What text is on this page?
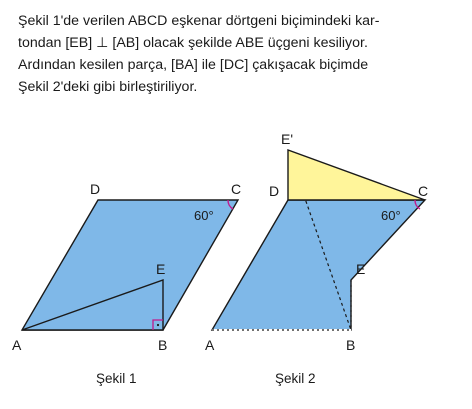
Şekil 1'de verilen ABCD eşkenar dörtgeni biçimindeki kar-
tondan [EB] ⊥ [AB] olacak şekilde ABE üçgeni kesiliyor.
Ardından kesilen parça, [BA] ile [DC] çakışacak biçimde
Şekil 2'deki gibi birleştiriliyor.
D	C
E
A	B
60°
Şekil 1
E'
D	C
E
A	B
60°
Şekil 2
